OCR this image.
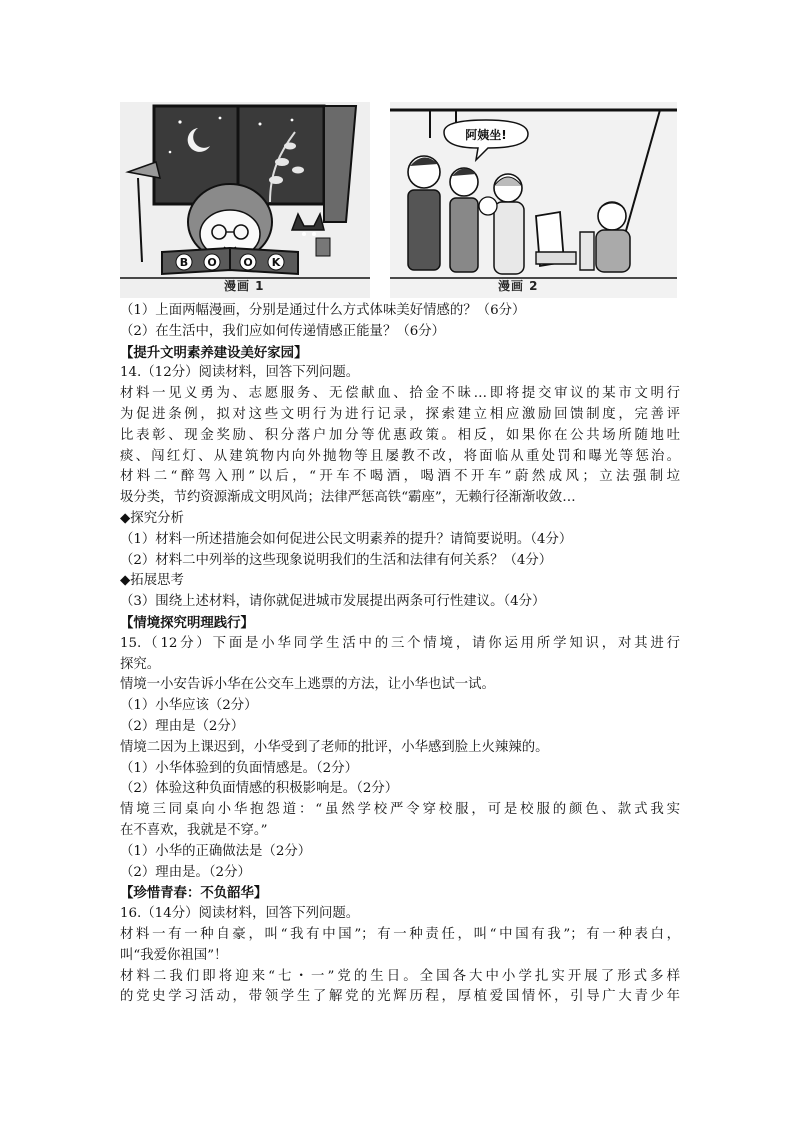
B O O K
漫画 1
阿姨坐!
漫画 2
（1）上面两幅漫画，分别是通过什么方式体味美好情感的？（6分）
（2）在生活中，我们应如何传递情感正能量？（6分）
【提升文明素养建设美好家园】
14.（12分）阅读材料，回答下列问题。
材料一见义勇为、志愿服务、无偿献血、拾金不昧…即将提交审议的某市文明行
为促进条例，拟对这些文明行为进行记录，探索建立相应激励回馈制度，完善评
比表彰、现金奖励、积分落户加分等优惠政策。相反，如果你在公共场所随地吐
痰、闯红灯、从建筑物内向外抛物等且屡教不改，将面临从重处罚和曝光等惩治。
材料二“醉驾入刑”以后，“开车不喝酒，喝酒不开车”蔚然成风；立法强制垃
圾分类，节约资源渐成文明风尚；法律严惩高铁“霸座”，无赖行径渐渐收敛…
◆探究分析
（1）材料一所述措施会如何促进公民文明素养的提升？请简要说明。（4分）
（2）材料二中列举的这些现象说明我们的生活和法律有何关系？（4分）
◆拓展思考
（3）围绕上述材料，请你就促进城市发展提出两条可行性建议。（4分）
【情境探究明理践行】
15.（12分）下面是小华同学生活中的三个情境，请你运用所学知识，对其进行
探究。
情境一小安告诉小华在公交车上逃票的方法，让小华也试一试。
（1）小华应该（2分）
（2）理由是（2分）
情境二因为上课迟到，小华受到了老师的批评，小华感到脸上火辣辣的。
（1）小华体验到的负面情感是。（2分）
（2）体验这种负面情感的积极影响是。（2分）
情境三同桌向小华抱怨道：“虽然学校严令穿校服，可是校服的颜色、款式我实
在不喜欢，我就是不穿。”
（1）小华的正确做法是（2分）
（2）理由是。（2分）
【珍惜青春：不负韶华】
16.（14分）阅读材料，回答下列问题。
材料一有一种自豪，叫“我有中国”；有一种责任，叫“中国有我”；有一种表白，
叫“我爱你祖国”！
材料二我们即将迎来“七・一”党的生日。全国各大中小学扎实开展了形式多样
的党史学习活动，带领学生了解党的光辉历程，厚植爱国情怀，引导广大青少年
